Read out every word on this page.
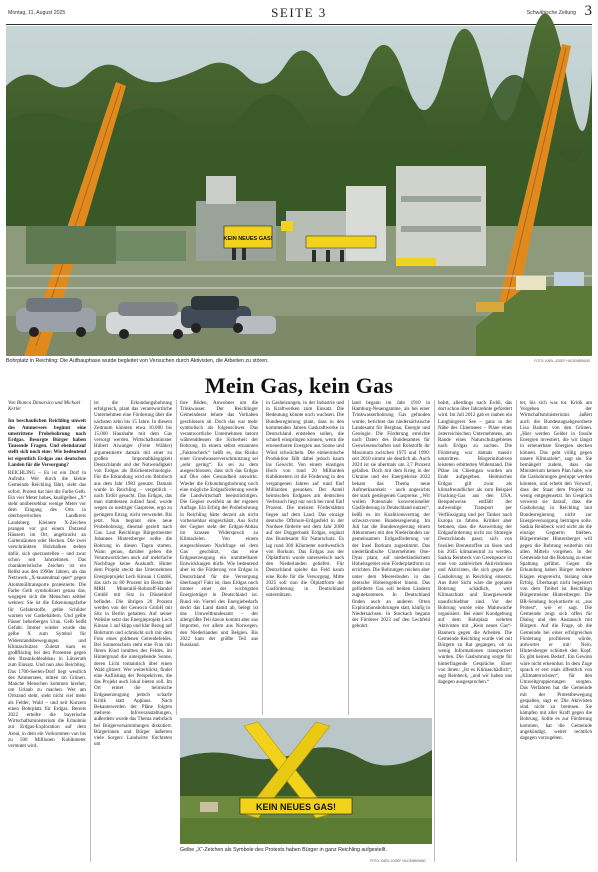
Montag, 11. August 2025	SEITE 3	Schwäbische Zeitung 3
KEIN NEUES GAS!
Bohrplatz in Reichling: Die Aufbauphase wurde begleitet von Versuchen durch Aktivisten, die Arbeiten zu stören.	FOTO: KARL-JOSEF HILDENBRAND
Mein Gas, kein Gas
Von Bianca Dimarsico und Michael Kerler
Im beschaulichen Reichling unweit des Ammersees beginnt eine umstrittene Probebohrung nach Erdgas. Besorgte Bürger haben Tausende Fragen. Und ebendarauf stellt sich noch eine: Wie bedeutend ist eigentlich Erdgas aus deutschen Landen für die Versorgung?

REICHLING – Es ist ein Dorf in Aufruhr. Wer durch die kleine Gemeinde Reichling fährt, sieht das sofort. Protest hat hier die Farbe Gelb. Ein vier Meter hohes, knallgelbes „X“ steht unübersehbar wenige Meter vor dem Eingang des Orts in oberbayerischen Landkreis Landsberg. Kleinere X-Zeichen prangen vor gut einem Dutzend Häusern im Ort, angebracht an Gartenzäunen oder Hecken. Die zwei verschränkten Holzbalken stehen dafür, sich querzustellen – und zwar schon seit Jahrzehnten. Das charakteristische Zeichen ist ein Relikt aus den 1990er Jahren, als das Netzwerk „X-tausendmal quer“ gegen Atommülltransporte protestierte. Die Farbe Gelb symbolisiert genau das, wogegen sich die Menschen seither wehren: Sie ist die Erkennungsfarbe für Gefahrstoffe, gelbe Schilder warnen vor Gasbehältern. Und gelbe Fässer beherbergen Uran. Gelb heißt Gefahr. Immer wieder wurde das gelbe X zum Symbol für Widerstandsbewegungen und Klimaschützer. Zuletzt kam es großflächig bei den Protesten gegen den Braunkohleabbau in Lützerath zum Einsatz. Und nun also Reichling. Das 1700-Seelen-Dorf liegt westlich des Ammersees, mitten im Grünen. Manche Menschen kommen hierher, um Urlaub zu machen. Wer am Ortsrand steht, sieht nicht viel mehr als Felder, Wald – und seit Kurzem einen Bohrplatz für Erdgas. Bereits 2022 erteilte die bayerische Wirtschaftsministerium die Erlaubnis zur Erdgas-Exploration auf dem Areal, in dem ein Vorkommen von bis zu 500 Millionen Kubikmeter vermutet wird.

ist die Erkundungsbohrung erfolgreich, plant das verantwortliche Unternehmen eine Förderung über die nächsten zehn bis 15 Jahre. In diesem Zeitraum könnten etwa 10.000 bis 15.000 Haushalte mit dem Gas versorgt werden. Wirtschaftsminister Hubert Aiwanger (Freie Wähler) argumentierte damals mit einer zu großen Importabhängigkeit Deutschlands und der Notwendigkeit von Erdgas als Brückentechnologie. Für die Erkundung wird ein Bohrloch aus dem Jahr 1983 genutzt. Damals wurde in Reichling – vergeblich – nach Erdöl gesucht. Das Erdgas, das man stattdessen zufand fand, wurde wegen zu niedriger Gaspreise, ergo zu geringem Ertrag, nicht verwendet. Bis jetzt. Nun beginnt eine neue Probebohrung, diesmal gezielt nach Gas. Laut Reichlings Bürgermeister Johannes Hintersberger sollte die Bohrung in diesen Tagen starten. Wann genau, darüber geben die Verantwortlichen auch auf mehrfache Nachfrage keine Auskunft. Hinter dem Projekt steckt das Unternehmen Energieprojekt Lech Kinsau 1 GmbH, das sich zu 80 Prozent im Besitz der MRH Mineralöl-Rohstoff-Handel GmbH mit Sitz in Düsseldorf befindet. Die übrigen 20 Prozent werden von der Genexco GmbH mit Sitz in Berlin gehalten. Auf seiner Website setzt das Energieprojekt Lech Kinsau 1 auf klipp und klar Bezug auf Bohrturm und schmückt sich mit dem Foto eines goldenen Getreidefeldes. Bei Sonnenschein steht eine Frau mit Ihrem Kind inmitten des Feldes, im Hintergrund die untergehende Sonne, deren Licht romantisch über einen Wald glitzert. Wer weiterklickt, findet eine Auflistung der Perspektiven, die das Projekt auch lokal bieten soll. Im Ort erntet die heimische Erdgaserzeugung jedoch scharfe Kritik statt Applaus. Nach Bekanntwerden der Pläne folgten mehrere Infoveranstaltungen, außerdem wurde das Thema mehrfach bei Bürgerversammlungen diskutiert. Bürgerinnen und Bürger äußerten viele Sorgen: Landwirte fürchteten um

ihre Böden, Anwohner um die Trinkwasser. Der Reichlinger Gemeinderat lehnte das Vorhaben geschlossen ab. Doch das war mehr symbolisch als folgenschwer. Das verantwortliche Unternehmen betont währenddessen die Sicherheit der Bohrung. In einem selbst ernannten „Faktencheck“ heißt es, das Risiko einer Grundwasserverschmutzung sei „sehr gering“. Es sei zu dem ausgeschlossen, dass sich das Erdgas auf Öko oder Gesundheit auswirkt. Wieder die Erkundungsbohrung noch eine mögliche Erdgasförderung werde die Landwirtschaft beeinträchtigen. Die Gegner zweifeln an der eigenen Auflage. Ein Erfolg der Probebohrung in Reichling hätte derzeit als nicht vorhersehbar eingeschätzt. Aus Sicht der Gegner steht der Erdgas-Abbau im krassen Widerspruch zu Klimazielen. Von einem ausgeschlossen Nachfrage sei dem Gas geschützt, das eine Erdgaserzeugung ein unmittelbarer Entwicklungen dürfe. Wie bedeutend aber ist die Förderung von Erdgas in Deutschland für die Versorgung überhaupt? Fakt ist, dass Erdgas noch immer einer der wichtigsten Energieträger in Deutschland ist. Rund ein Viertel des Energiebedarfs deckt das Land damit ab, belegt ist das Umweltbundesamt – der allergrößte Teil davon kommt aber aus Importen, vor allem aus Norwegen, den Niederlanden und Belgien. Bis 2022 kam der größte Teil aus Russland.

in Gasheizungen, in der Industrie und in Kraftwerken zum Einsatz. Die Bedeutung könnte noch wachsen. Die Bundesregierung plant, dass in den kommenden Jahren Gaskraftwerke in Deutschland entstehen sollen, die schnell einspringen können, wenn die erneuerbaren Energien aus Sonne und Wind schwächeln. Die einheimische Produktion fällt dabei jedoch kaum ins Gewicht. Von einem einstigen Hoch von rund 20 Milliarden Kubikmetern ist die Förderung in den vergangenen Jahren auf rund fünf Milliarden gesunken. Der Anteil heimischen Erdgases am deutschen Verbrauch liegt nur noch bei rund fünf Prozent. Die meisten Förderstätten liegen auf dem Land. Das einzige deutsche Offshore-Erdgasfeld in der Nordsee förderte seit dem Jahr 2000 auf der Doggerbank Erdgas, ergänzt das Bundesamt für Naturschutz. Es lag rund 300 Kilometer nordwestlich von Borkum. Das Erdgas aus der Ölplattform wurde unterseeisch nach den Niederlanden geliefert. Für Deutschland spielte das Feld kaum eine Rolle für die Versorgung. Mitte 2025 soll nun die Ölplattform der Gasförderung in Deutschland unterstützen.

land begann im Jahr 1910 in Hamburg-Neuengamme, als bei einer Trinkwasserbohrung Gas gefunden wurde, berichtet das niedersächsische Landesamt für Bergbau, Energie und Geologie. Die Förderung erreichte nach Daten des Bundesamtes für Geowissenschaften und Rohstoffe ihr Maximum zwischen 1975 und 1990: seit 2010 nimmt sie deutlich ab. Auch 2024 ist sie abermals um 3,7 Prozent gefallen. Doch mit dem Krieg in der Ukraine und der Energiekrise 2022 bekam das Thema neue Aufmerksamkeit – auch angesichts der stark gestiegenen Gaspreise. „Wir wollen Potenziale konventioneller Gasförderung in Deutschland nutzen“, heißt es im Koalitionsvertrag der schwarz-roten Bundesregierung. Im Juli hat die Bundesregierung einem Abkommen mit den Niederlanden zur gemeinsamen Erdgasförderung vor der Insel Borkum zugestimmt. Das niederländische Unternehmen One-Dyas plant, auf niederländischem Hoheitsgebiet eine Förderplattform zu errichten. Die Bohrungen reichen aber unter dem Meeresboden in das deutsche Hoheitsgebiet hinein. Das geförderte Gas soll beiden Ländern zugutekommen. In Deutschland finden auch an anderen Orten Explorationsbohrungen statt, häufig in Niedersachsen. In Stockach begann der Förderer 2023 auf den Lechfeld gebohrt.

bohrt, allerdings nach Erdöl, das dort schon über Jahrzehnte gefördert wird. Im Juli 2012 gab es rauben ein Langbürgerer See – ganz in der Nähe des Chiemsees – Pläne eines österreichischen Unternehmens, am Rande eines Naturschutzgebietes nach Erdgas zu suchen. Die Förderung war damals massiv umstritten. Bürgerinitiativen leisteten erbitterten Widerstand. Die Pläne im Chiemgau wurden am Ende aufgegeben. Heimisches Erdgas gilt zwar als klimafreundlicher als zum Beispiel Fracking-Gas aus den USA. Beispielweise entfällt der aufwendige Transport per Verflüssigung und per Tanker nach Europa zu fahren. Kritiker aber betonen, dass die Ausweitung der Erdgasförderung nicht zur Strategie Deutschlands passt, sich von fossilen Brennstoffen zu lösen und bis 2045 klimaneutral zu werden. Saskia Reinbeck von Greenpeace ist eine von zahlreichen Aktivistinnen und Aktivisten, die sich gegen die Gasbohrung in Reichling einsetzt. Aus ihrer Sicht wäre die geplante Bohrung schädlich, weil Klimaschutz und Energiewende unaufschiebbar sind. Vor der Bohrung wurde eine Mahnwache organisiert. Bei einer Kundgebung auf dem Bohrplatz wehrten Aktivisten mit „Kein neues Gas“-Bannern gegen die Arbeiten. Die Gemeinde Reichling wurde viel mit Bürgern zu Rat gegangen, ob zu wenig Informationen transportiert wurden. Die Gasbohrung sorgte für hinterfragende Gespräche. Einer von ihnen: „Ist es Klimaschädlich“, sagt Reinbeck, „und wir haben uns dagegen ausgesprochen.“

ter, bis sich was tut. Kritik am Vorgehen der Wirtschaftsministeriums äußert auch die Bundestagsabgeordnete Lisa Badum von den Grünen. „Hier werden Gelder in fossile Energien investiert, die wir längst in erneuerbare Energien stecken können. Das geht völlig gegen unsere Klimaziele“, sagt sie. Sie bemängelt zudem, dass das Ministerium keinen Plan habe, wie die Gasbohrungen gestoppt werden könnten, und erhebt den Vorwurf, dass der Staat dem Projekt zu wenig entgegensetzt. Im Gespräch verweist sie darauf, dass die Gasbohrung in Reichling laut Bundesregierung nicht zur Energieversorgung beitragen solle. Saskia Reinbeck wird nicht als die einzige Gegnerin bleiben. Bürgermeister Hintersberger will gegen die Bohrung weiterhin mit allen Mitteln vorgehen. In der Gemeinde hat die Bohrung zu einer Spaltung geführt. Gegen die Erkundung haben Bürger mehrere Klagen eingereicht, bislang ohne Erfolg. Überhaupt nicht begeistert von dem Treibel ist Reichlings Bürgermeister Hintersberger. Die BR-Sendung boykottierte er, „aus Protest“, wie er sagt. Die Gemeinde zeigt sich offen für Dialog und den Austausch mit Bürgern. Auf die Frage, ob die Gemeinde bei einer erfolgreichen Förderung profitieren würde, antwortet er mit: Nein. Hintersberger schüttelt den Kopf. Es gibt keinen Bedarf. Ein Gewinn wäre nicht erkennbar. In dem Zuge sprach er erst mals öffentlich von „Klimaterroristen“, für den Umweltgruppierungen sorgten. Das Verfahren hat die Gemeinde mit der Protestbewegung gespalten, sagt er. Die Aktivisten sind nicht zu bremsen. Sie kämpfen mit aller Kraft gegen die Bohrung. Sollte es zur Förderung kommen, hat die Gemeinde angekündigt, weiter rechtlich dagegen vorzugehen.

KEIN NEUES GAS!
Gelbe „X“-Zeichen als Symbole des Protests haben Bürger in ganz Reichling aufgestellt.
FOTO: KARL-JOSEF HILDENBRAND
